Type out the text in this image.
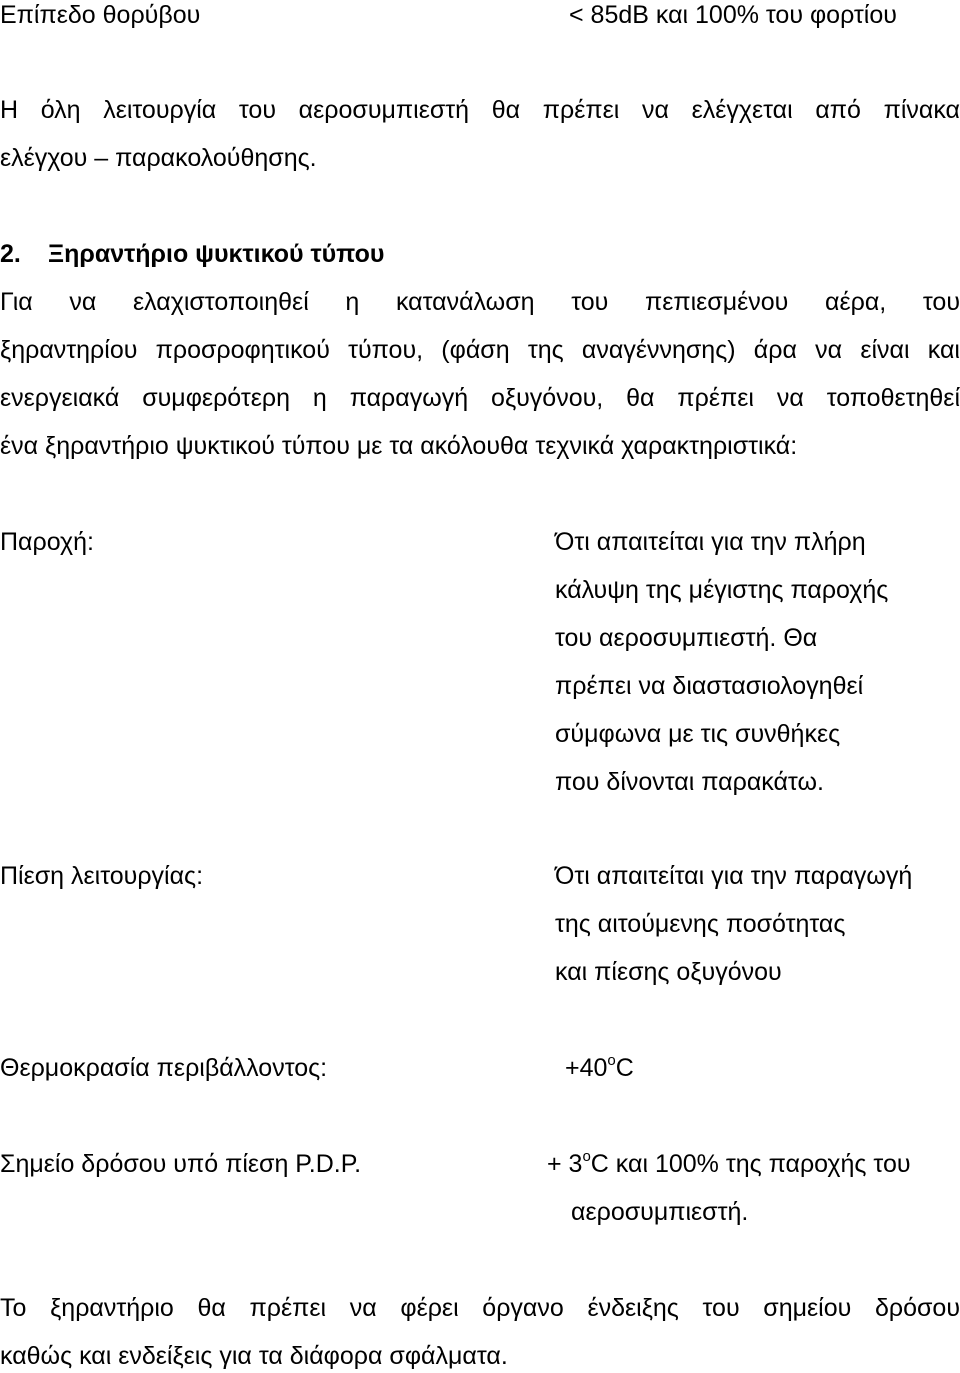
Επίπεδο θορύβου	< 85dB και 100% του φορτίου
Η όλη λειτουργία του αεροσυμπιεστή θα πρέπει να ελέγχεται από πίνακα
ελέγχου – παρακολούθησης.
2. Ξηραντήριο ψυκτικού τύπου
Για να ελαχιστοποιηθεί η κατανάλωση του πεπιεσμένου αέρα, του
ξηραντηρίου προσροφητικού τύπου, (φάση της αναγέννησης) άρα να είναι και
ενεργειακά συμφερότερη η παραγωγή οξυγόνου, θα πρέπει να τοποθετηθεί
ένα ξηραντήριο ψυκτικού τύπου με τα ακόλουθα τεχνικά χαρακτηριστικά:
Παροχή:	Ότι απαιτείται για την πλήρη
κάλυψη της μέγιστης παροχής
του αεροσυμπιεστή. Θα
πρέπει να διαστασιολογηθεί
σύμφωνα με τις συνθήκες
που δίνονται παρακάτω.
Πίεση λειτουργίας:	Ότι απαιτείται για την παραγωγή
της αιτούμενης ποσότητας
και πίεσης οξυγόνου
Θερμοκρασία περιβάλλοντος:	$+40^oC$
Σημείο δρόσου υπό πίεση P.D.P.	+ $3^oC$ και 100% της παροχής του
αεροσυμπιεστή.
Το ξηραντήριο θα πρέπει να φέρει όργανο ένδειξης του σημείου δρόσου
καθώς και ενδείξεις για τα διάφορα σφάλματα.
